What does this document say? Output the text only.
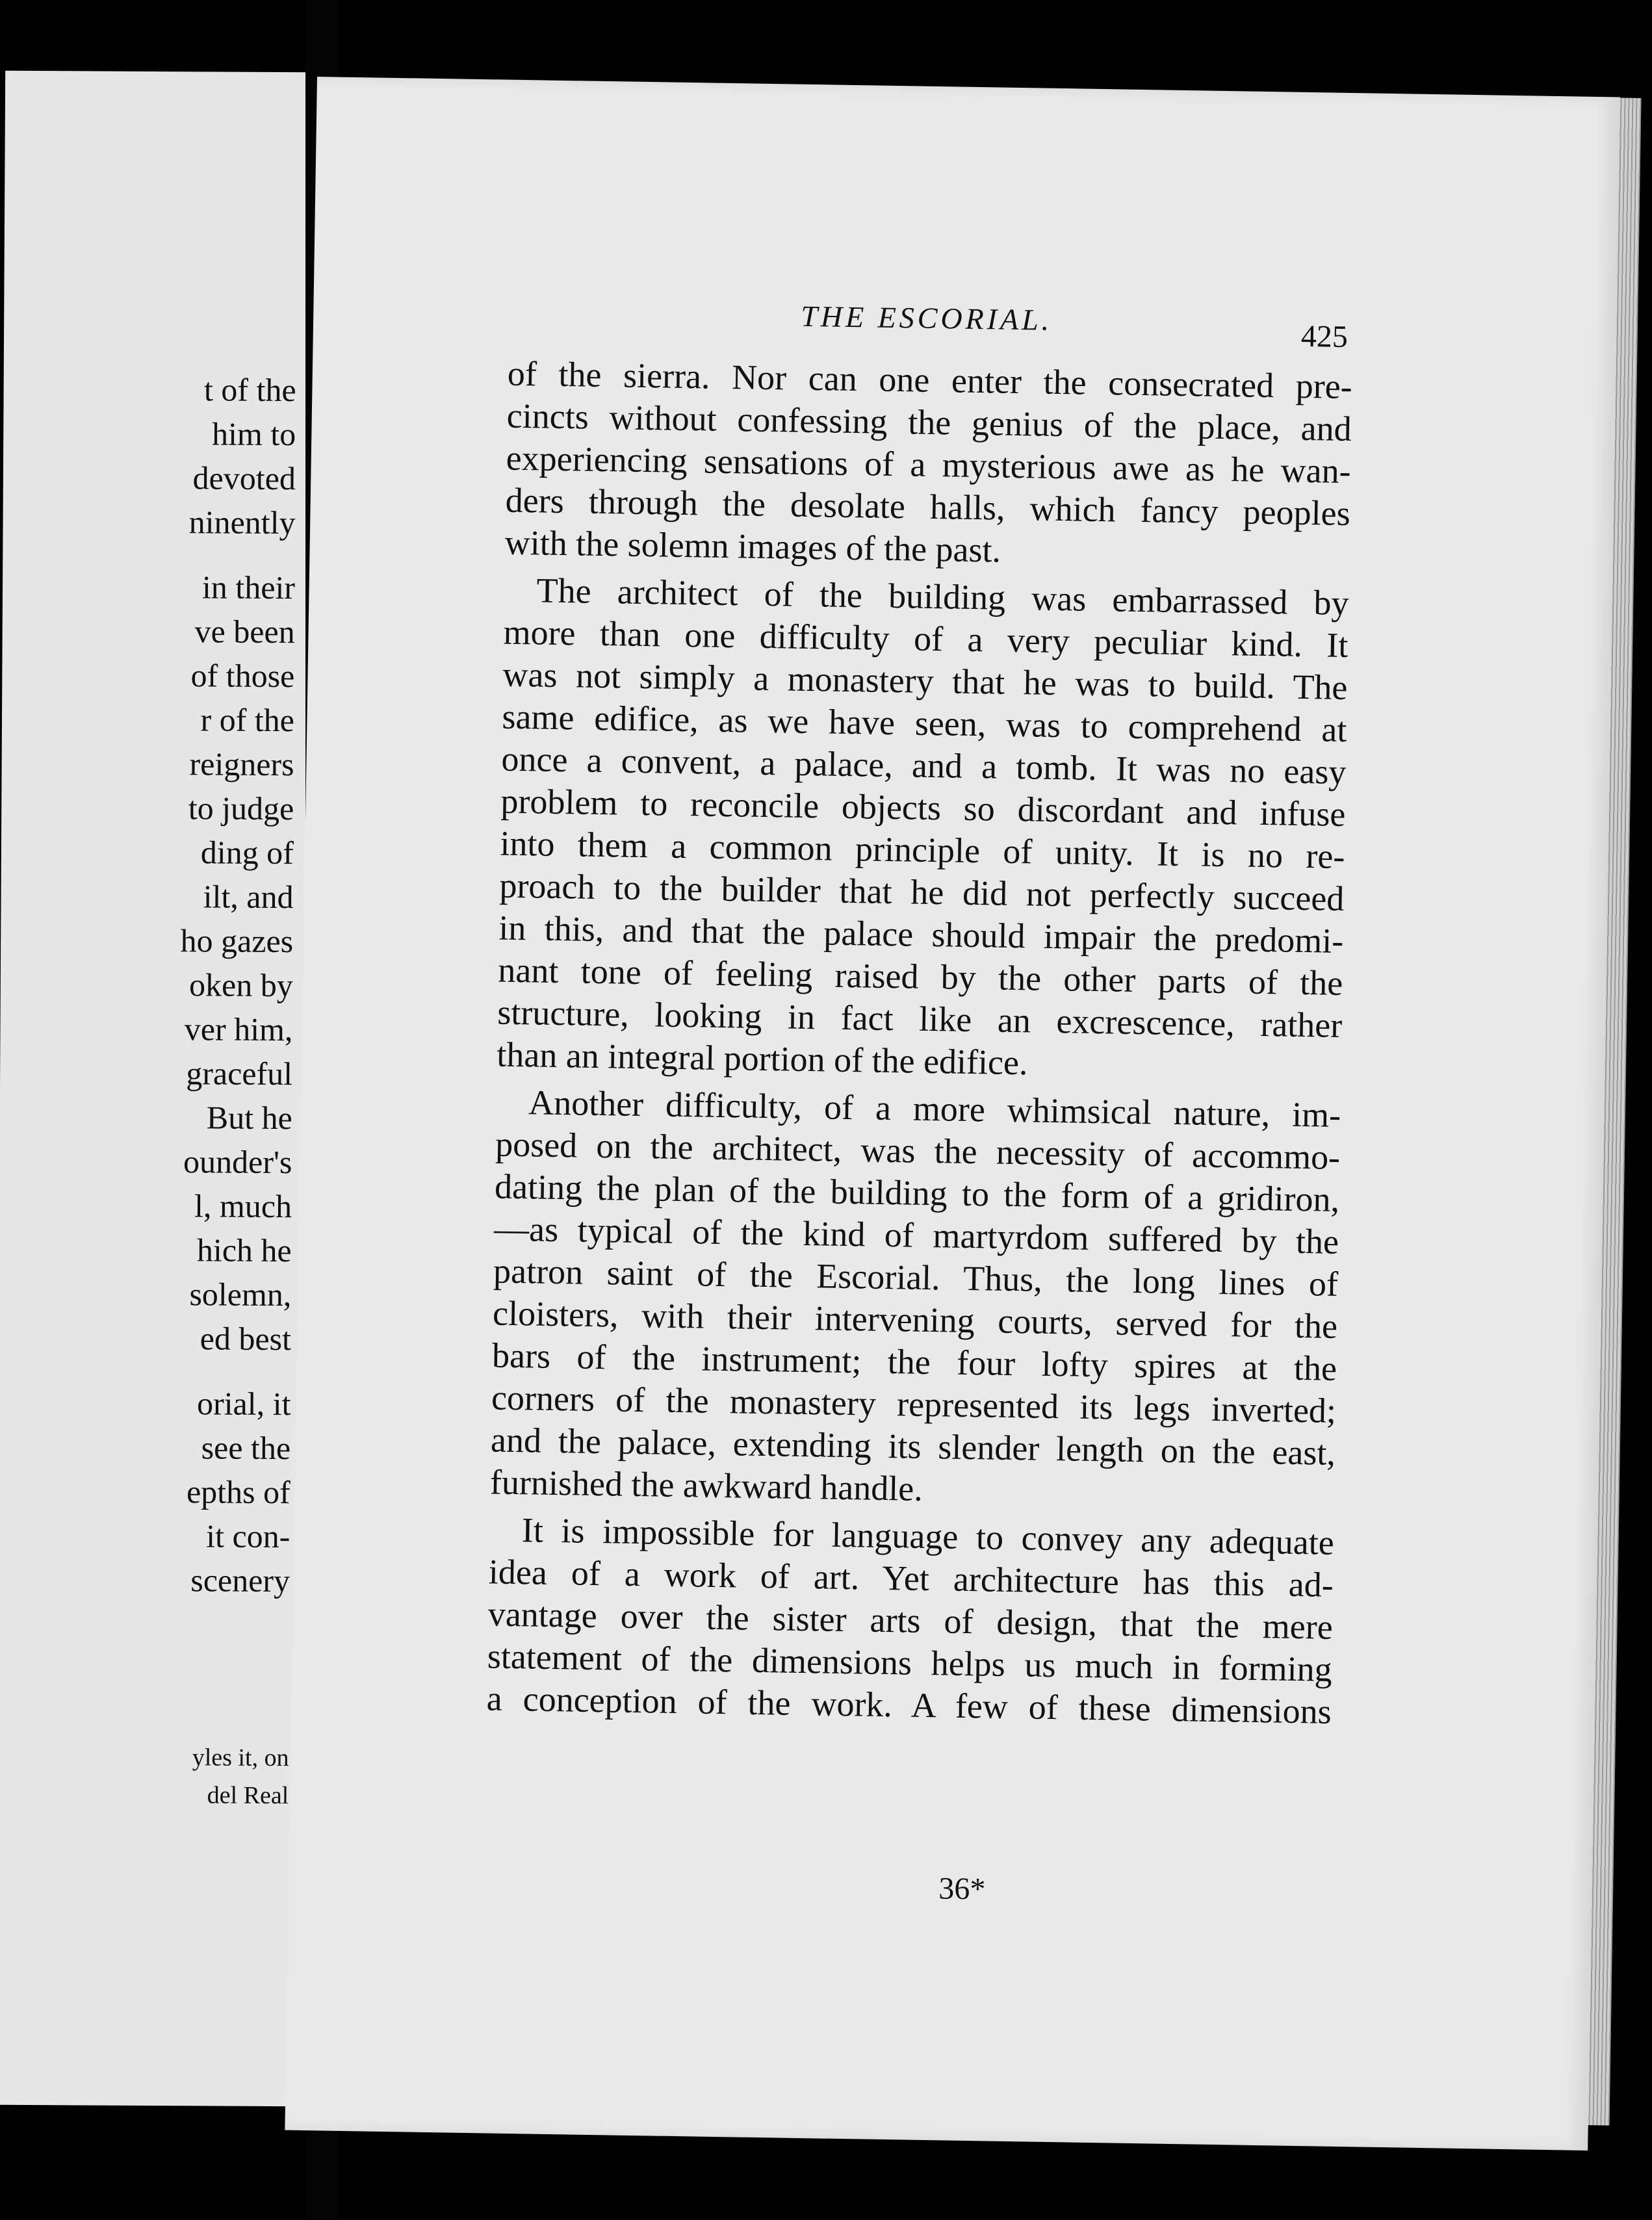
t of the
him to
devoted
ninently
in their
ve been
of those
r of the
reigners
to judge
ding of
ilt, and
ho gazes
oken by
ver him,
graceful
But he
ounder's
l, much
hich he
solemn,
ed best
orial, it
see the
epths of
it con-
scenery
yles it, on
del Real
THE ESCORIAL.
425
of the sierra. Nor can one enter the consecrated pre-
cincts without confessing the genius of the place, and
experiencing sensations of a mysterious awe as he wan-
ders through the desolate halls, which fancy peoples
with the solemn images of the past.
The architect of the building was embarrassed by
more than one difficulty of a very peculiar kind. It
was not simply a monastery that he was to build. The
same edifice, as we have seen, was to comprehend at
once a convent, a palace, and a tomb. It was no easy
problem to reconcile objects so discordant and infuse
into them a common principle of unity. It is no re-
proach to the builder that he did not perfectly succeed
in this, and that the palace should impair the predomi-
nant tone of feeling raised by the other parts of the
structure, looking in fact like an excrescence, rather
than an integral portion of the edifice.
Another difficulty, of a more whimsical nature, im-
posed on the architect, was the necessity of accommo-
dating the plan of the building to the form of a gridiron,
—as typical of the kind of martyrdom suffered by the
patron saint of the Escorial. Thus, the long lines of
cloisters, with their intervening courts, served for the
bars of the instrument; the four lofty spires at the
corners of the monastery represented its legs inverted;
and the palace, extending its slender length on the east,
furnished the awkward handle.
It is impossible for language to convey any adequate
idea of a work of art. Yet architecture has this ad-
vantage over the sister arts of design, that the mere
statement of the dimensions helps us much in forming
a conception of the work. A few of these dimensions
36*
